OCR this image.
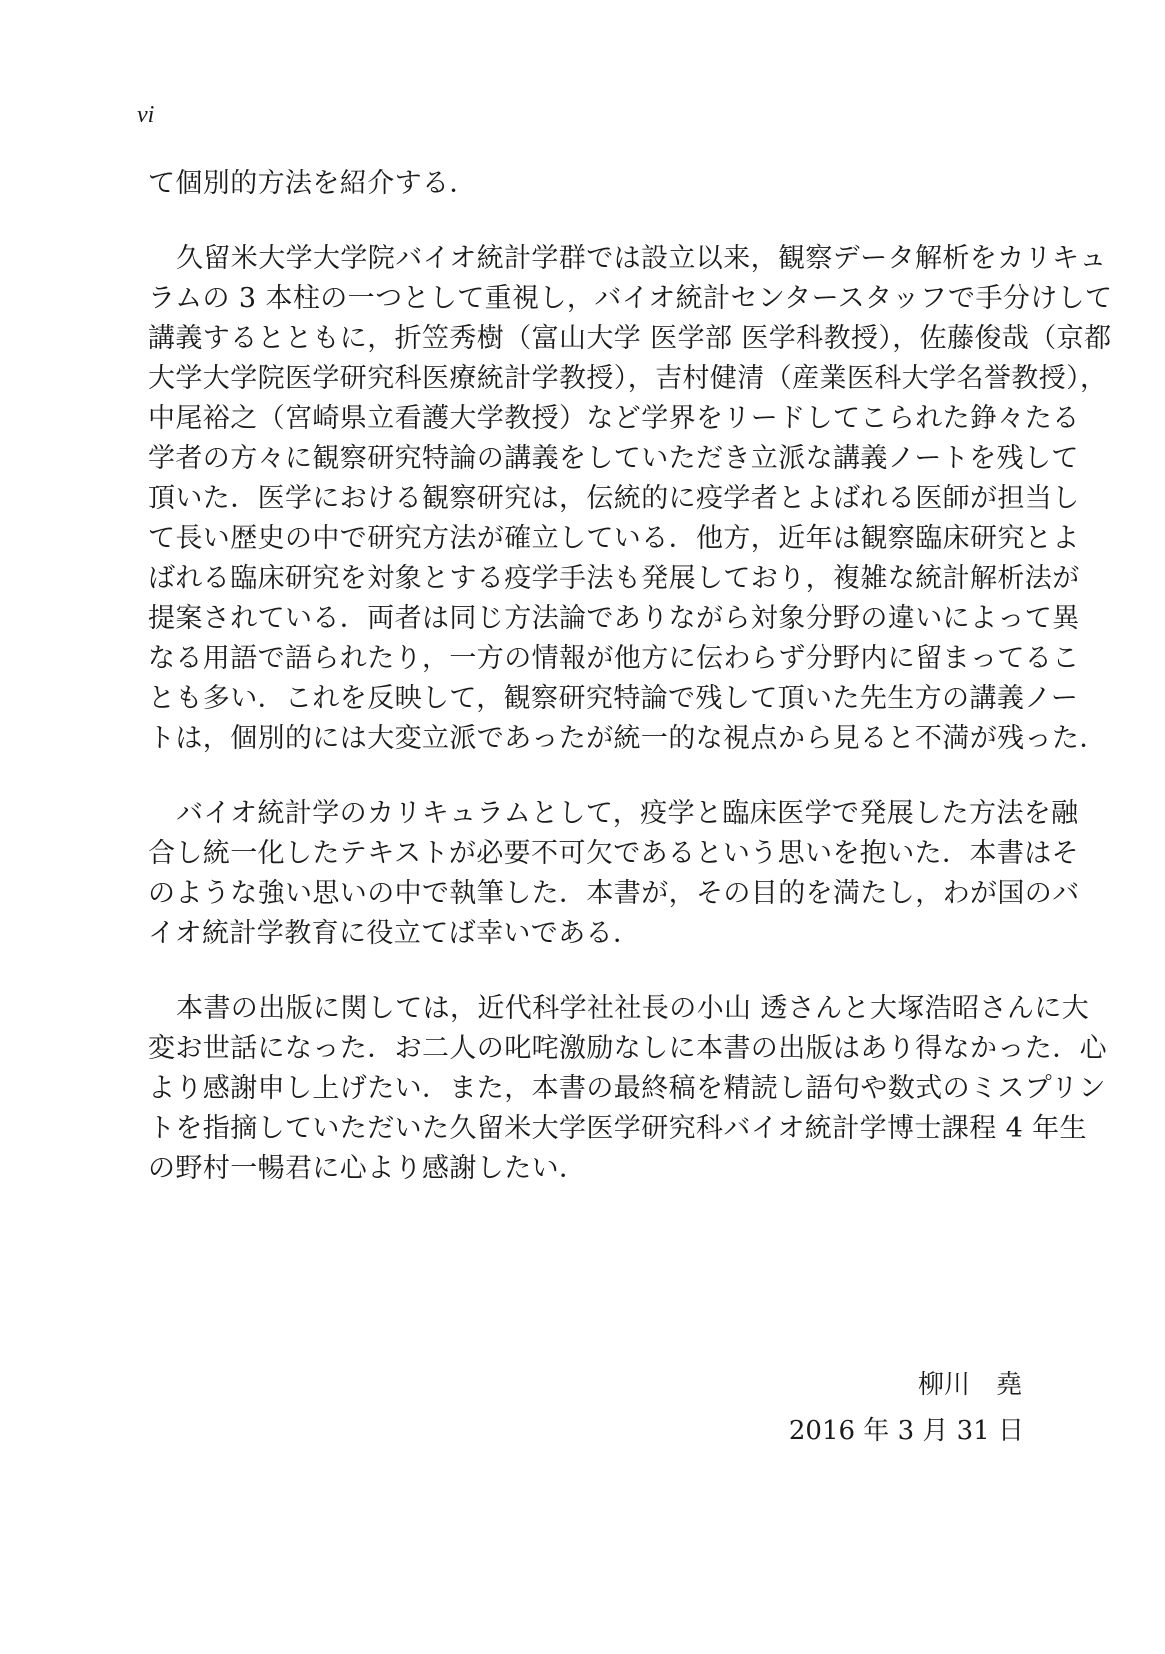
vi
て個別的方法を紹介する．
久留米大学大学院バイオ統計学群では設立以来，観察データ解析をカリキュ
ラムの 3 本柱の一つとして重視し，バイオ統計センタースタッフで手分けして
講義するとともに，折笠秀樹（富山大学 医学部 医学科教授），佐藤俊哉（京都
大学大学院医学研究科医療統計学教授），吉村健清（産業医科大学名誉教授），
中尾裕之（宮崎県立看護大学教授）など学界をリードしてこられた錚々たる
学者の方々に観察研究特論の講義をしていただき立派な講義ノートを残して
頂いた．医学における観察研究は，伝統的に疫学者とよばれる医師が担当し
て長い歴史の中で研究方法が確立している．他方，近年は観察臨床研究とよ
ばれる臨床研究を対象とする疫学手法も発展しており，複雑な統計解析法が
提案されている．両者は同じ方法論でありながら対象分野の違いによって異
なる用語で語られたり，一方の情報が他方に伝わらず分野内に留まってるこ
とも多い．これを反映して，観察研究特論で残して頂いた先生方の講義ノー
トは，個別的には大変立派であったが統一的な視点から見ると不満が残った．
バイオ統計学のカリキュラムとして，疫学と臨床医学で発展した方法を融
合し統一化したテキストが必要不可欠であるという思いを抱いた．本書はそ
のような強い思いの中で執筆した．本書が，その目的を満たし，わが国のバ
イオ統計学教育に役立てば幸いである．
本書の出版に関しては，近代科学社社長の小山 透さんと大塚浩昭さんに大
変お世話になった．お二人の叱咤激励なしに本書の出版はあり得なかった．心
より感謝申し上げたい．また，本書の最終稿を精読し語句や数式のミスプリン
トを指摘していただいた久留米大学医学研究科バイオ統計学博士課程 4 年生
の野村一暢君に心より感謝したい．
柳川　堯
2016 年 3 月 31 日
